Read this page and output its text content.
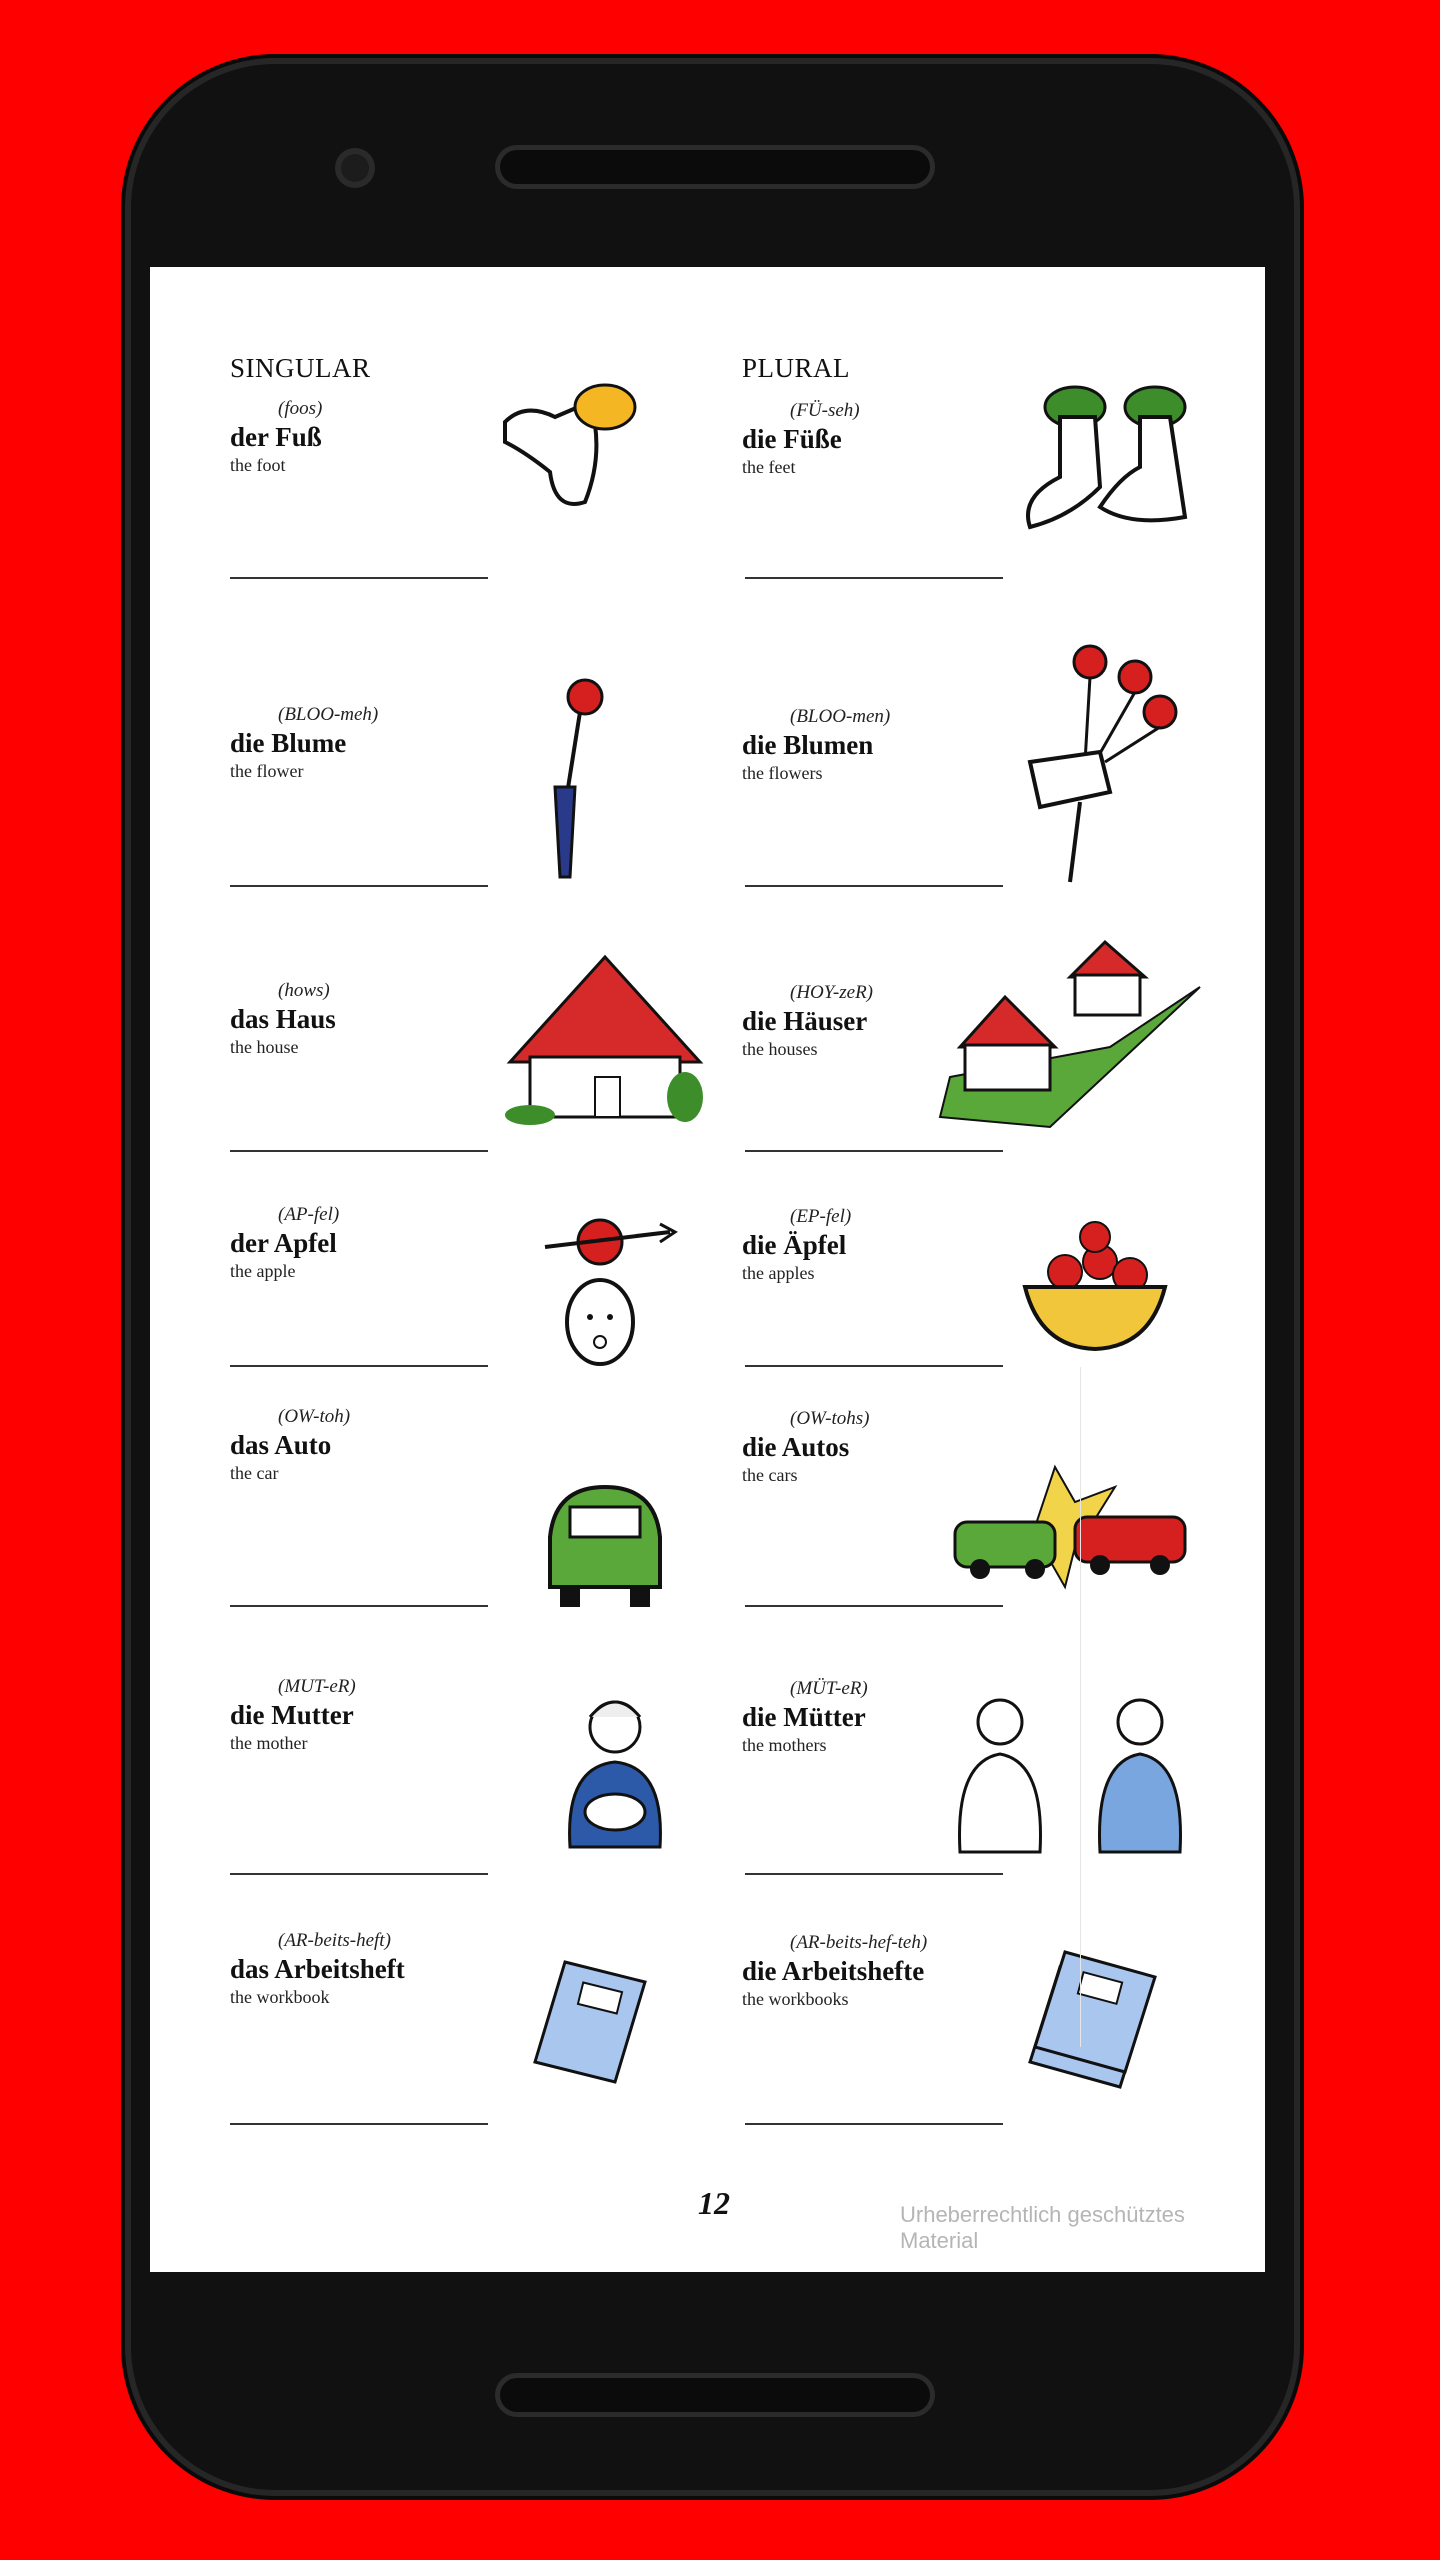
SINGULAR	PLURAL
(foos)
der Fuß
the foot
(FÜ-seh)
die Füße
the feet
(BLOO-meh)
die Blume
the flower
(BLOO-men)
die Blumen
the flowers
(hows)
das Haus
the house
(HOY-zeR)
die Häuser
the houses
(AP-fel)
der Apfel
the apple
(EP-fel)
die Äpfel
the apples
(OW-toh)
das Auto
the car
(OW-tohs)
die Autos
the cars
(MUT-eR)
die Mutter
the mother
(MÜT-eR)
die Mütter
the mothers
(AR-beits-heft)
das Arbeitsheft
the workbook
(AR-beits-hef-teh)
die Arbeitshefte
the workbooks
12	Urheberrechtlich geschütztes Material
